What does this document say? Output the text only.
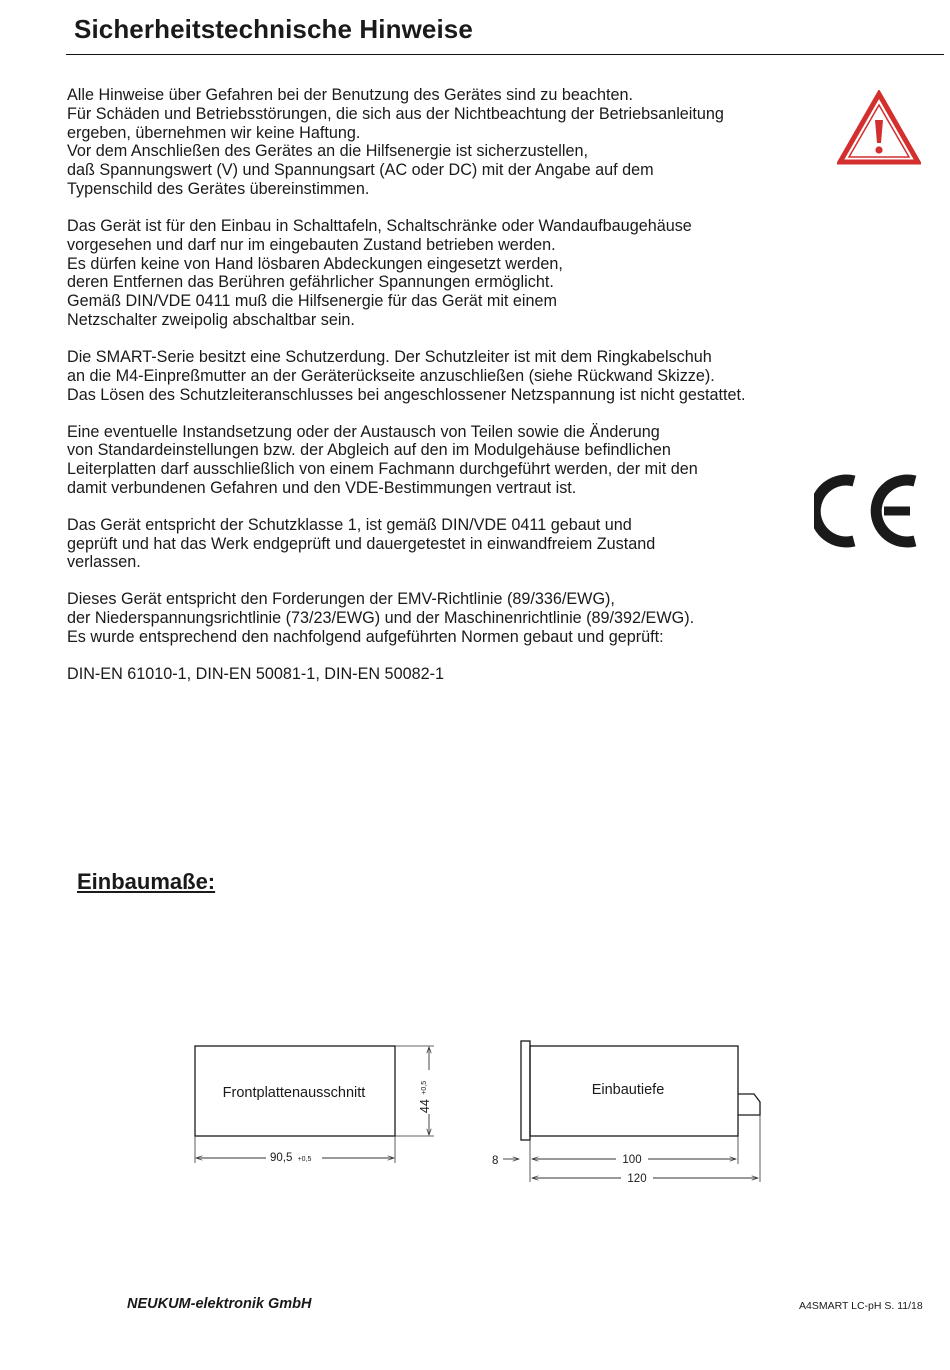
Sicherheitstechnische Hinweise

Alle Hinweise über Gefahren bei der Benutzung des Gerätes sind zu beachten.
Für Schäden und Betriebsstörungen, die sich aus der Nichtbeachtung der Betriebsanleitung
ergeben, übernehmen wir keine Haftung.
Vor dem Anschließen des Gerätes an die Hilfsenergie ist sicherzustellen,
daß Spannungswert (V) und Spannungsart (AC oder DC) mit der Angabe auf dem
Typenschild des Gerätes übereinstimmen.

Das Gerät ist für den Einbau in Schalttafeln, Schaltschränke oder Wandaufbaugehäuse
vorgesehen und darf nur im eingebauten Zustand betrieben werden.
Es dürfen keine von Hand lösbaren Abdeckungen eingesetzt werden,
deren Entfernen das Berühren gefährlicher Spannungen ermöglicht.
Gemäß DIN/VDE 0411 muß die Hilfsenergie für das Gerät mit einem
Netzschalter zweipolig abschaltbar sein.

Die SMART-Serie besitzt eine Schutzerdung. Der Schutzleiter ist mit dem Ringkabelschuh
an die M4-Einpreßmutter an der Geräterückseite anzuschließen (siehe Rückwand Skizze).
Das Lösen des Schutzleiteranschlusses bei angeschlossener Netzspannung ist nicht gestattet.

Eine eventuelle Instandsetzung oder der Austausch von Teilen sowie die Änderung
von Standardeinstellungen bzw. der Abgleich auf den im Modulgehäuse befindlichen
Leiterplatten darf ausschließlich von einem Fachmann durchgeführt werden, der mit den
damit verbundenen Gefahren und den VDE-Bestimmungen vertraut ist.

Das Gerät entspricht der Schutzklasse 1, ist gemäß DIN/VDE 0411 gebaut und
geprüft und hat das Werk endgeprüft und dauergetestet in einwandfreiem Zustand
verlassen.

Dieses Gerät entspricht den Forderungen der EMV-Richtlinie (89/336/EWG),
der Niederspannungsrichtlinie (73/23/EWG) und der Maschinenrichtlinie (89/392/EWG).
Es wurde entsprechend den nachfolgend aufgeführten Normen gebaut und geprüft:

DIN-EN 61010-1, DIN-EN 50081-1, DIN-EN 50082-1

Einbaumaße:
Frontplattenausschnitt
44 $^{+0,5}$
90,5 +0,5
Einbautiefe
8	100
120
NEUKUM-elektronik GmbH	A4SMART LC-pH S. 11/18
